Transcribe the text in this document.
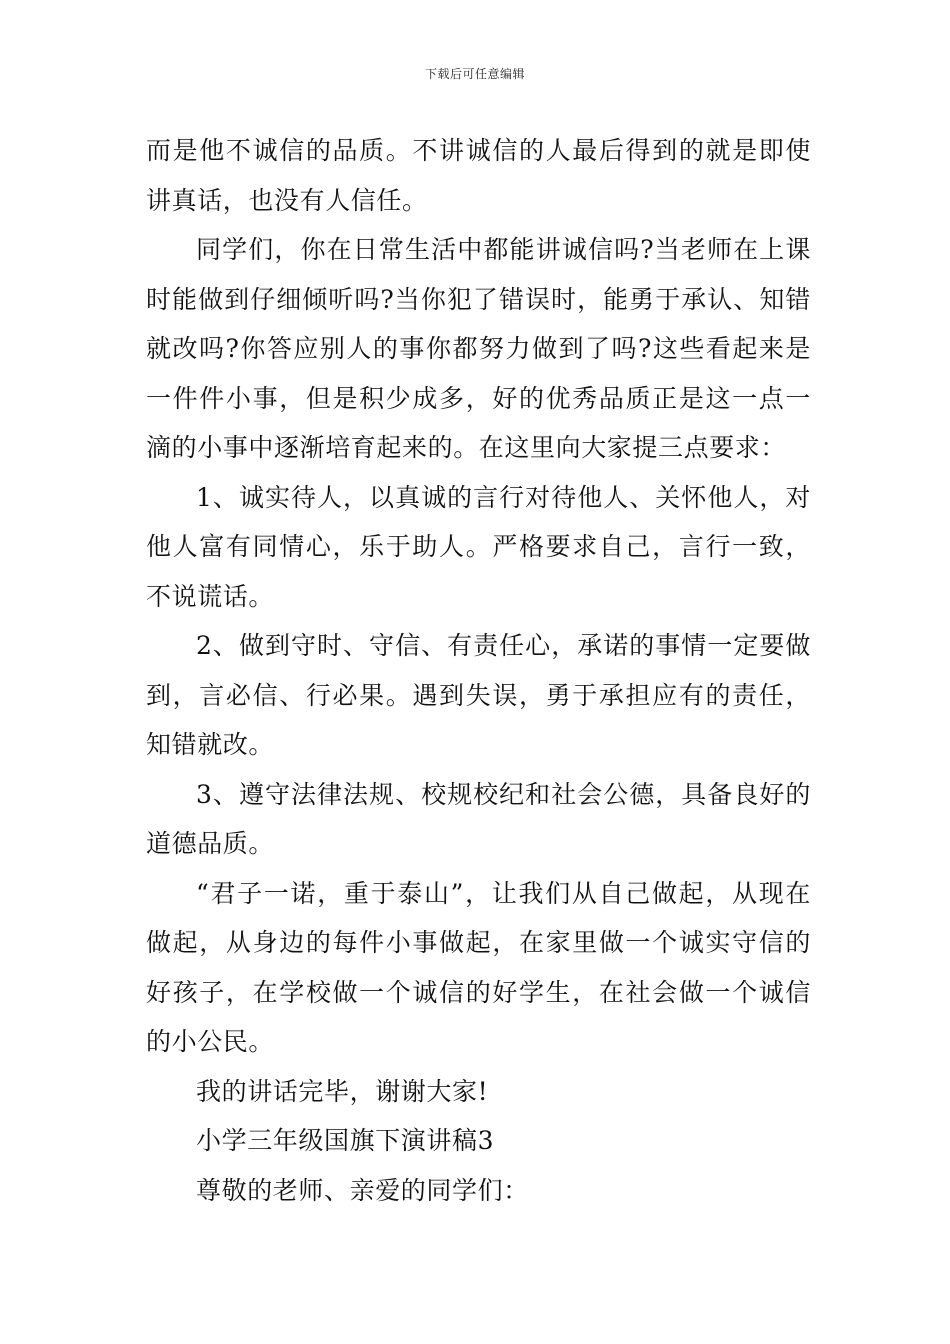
下载后可任意编辑

而是他不诚信的品质。不讲诚信的人最后得到的就是即使讲真话，也没有人信任。

同学们，你在日常生活中都能讲诚信吗?当老师在上课时能做到仔细倾听吗?当你犯了错误时，能勇于承认、知错就改吗?你答应别人的事你都努力做到了吗?这些看起来是一件件小事，但是积少成多，好的优秀品质正是这一点一滴的小事中逐渐培育起来的。在这里向大家提三点要求：

1、诚实待人，以真诚的言行对待他人、关怀他人，对他人富有同情心，乐于助人。严格要求自己，言行一致，不说谎话。

2、做到守时、守信、有责任心，承诺的事情一定要做到，言必信、行必果。遇到失误，勇于承担应有的责任，知错就改。

3、遵守法律法规、校规校纪和社会公德，具备良好的道德品质。

“君子一诺，重于泰山”，让我们从自己做起，从现在做起，从身边的每件小事做起，在家里做一个诚实守信的好孩子，在学校做一个诚信的好学生，在社会做一个诚信的小公民。

我的讲话完毕，谢谢大家!

小学三年级国旗下演讲稿3

尊敬的老师、亲爱的同学们：
